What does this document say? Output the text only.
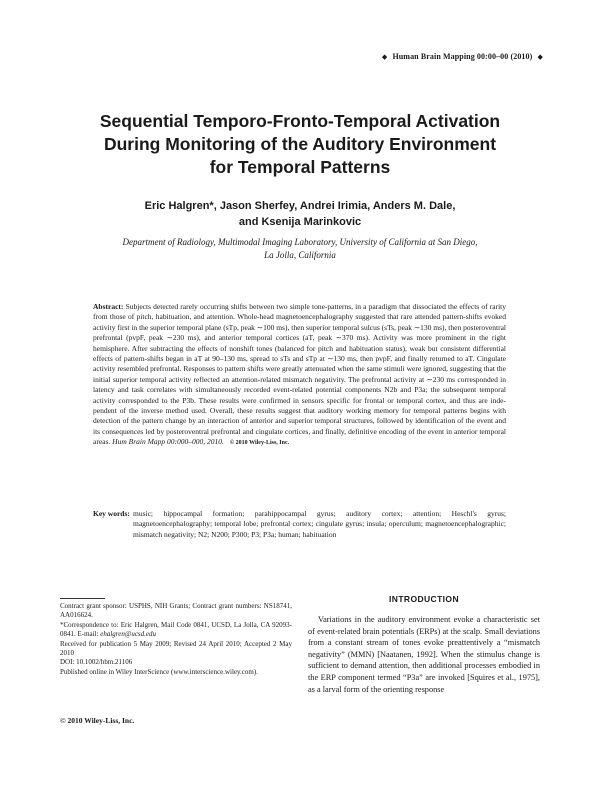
◆ Human Brain Mapping 00:00–00 (2010) ◆
Sequential Temporo-Fronto-Temporal Activation
During Monitoring of the Auditory Environment
for Temporal Patterns
Eric Halgren*, Jason Sherfey, Andrei Irimia, Anders M. Dale,
and Ksenija Marinkovic
Department of Radiology, Multimodal Imaging Laboratory, University of California at San Diego,
La Jolla, California

Abstract: Subjects detected rarely occurring shifts between two simple tone-patterns, in a paradigm that dissociated the effects of rarity from those of pitch, habituation, and attention. Whole-head magnetoencephalography suggested that rare attended pattern-shifts evoked activity first in the superior temporal plane (sTp, peak ∼100 ms), then superior temporal sulcus (sTs, peak ∼130 ms), then posteroventral prefrontal (pvpF, peak ∼230 ms), and anterior temporal cortices (aT, peak ∼370 ms). Activity was more prominent in the right hemisphere. After subtracting the effects of nonshift tones (balanced for pitch and habituation status), weak but consistent differential effects of pattern-shifts began in aT at 90–130 ms, spread to sTs and sTp at ∼130 ms, then pvpF, and finally returned to aT. Cingulate activity resembled prefrontal. Responses to pattern shifts were greatly attenuated when the same stimuli were ignored, suggesting that the initial superior temporal activity reflected an attention-related mismatch negativity. The prefrontal activity at ∼230 ms corresponded in latency and task correlates with simultaneously recorded event-related potential components N2b and P3a; the subsequent temporal activity corresponded to the P3b. These results were confirmed in sensors specific for frontal or temporal cortex, and thus are independent of the inverse method used. Overall, these results suggest that auditory working memory for temporal patterns begins with detection of the pattern change by an interaction of anterior and superior temporal structures, followed by identification of the event and its consequences led by posteroventral prefrontal and cingulate cortices, and finally, definitive encoding of the event in anterior temporal areas. Hum Brain Mapp 00:000–000, 2010. © 2010 Wiley-Liss, Inc.

Key words: music; hippocampal formation; parahippocampal gyrus; auditory cortex; attention; Heschl's gyrus; magnetoencephalography; temporal lobe; prefrontal cortex; cingulate gyrus; insula; operculum; magnetoencephalographic; mismatch negativity; N2; N200; P300; P3; P3a; human; habituation

Contract grant sponsor: USPHS, NIH Grants; Contract grant numbers: NS18741, AA016624.

*Correspondence to: Eric Halgren, Mail Code 0841, UCSD, La Jolla, CA 92093-0841. E-mail: ehalgren@ucsd.edu

Received for publication 5 May 2009; Revised 24 April 2010; Accepted 2 May 2010

DOI: 10.1002/hbm.21106

Published online in Wiley InterScience (www.interscience.wiley.com).

© 2010 Wiley-Liss, Inc.
INTRODUCTION

Variations in the auditory environment evoke a characteristic set of event-related brain potentials (ERPs) at the scalp. Small deviations from a constant stream of tones evoke preattentively a “mismatch negativity” (MMN) [Naatanen, 1992]. When the stimulus change is sufficient to demand attention, then additional processes embodied in the ERP component termed “P3a” are invoked [Squires et al., 1975], as a larval form of the orienting response
